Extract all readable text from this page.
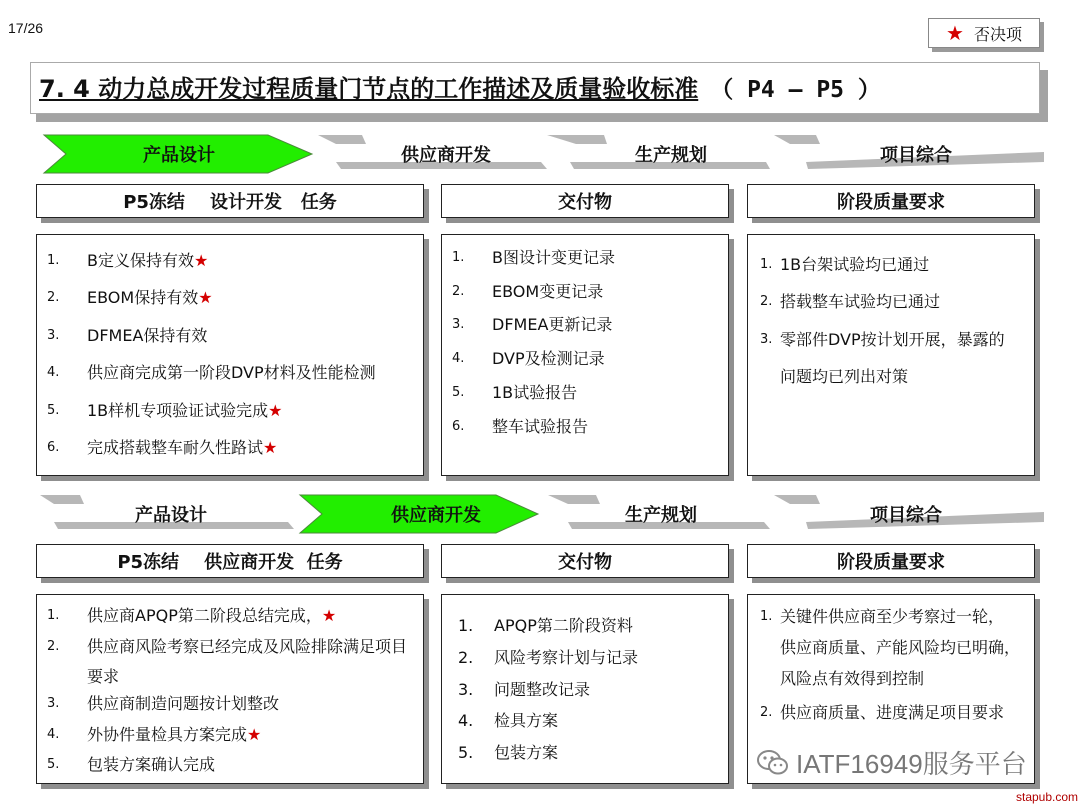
17/26	★ 否决项
7. 4 动力总成开发过程质量门节点的工作描述及质量验收标准 （ P4 – P5 ）
产品设计	供应商开发	生产规划	项目综合
P5冻结    设计开发   任务	交付物	阶段质量要求
1.	B定义保持有效★
2.	EBOM保持有效★
3.	DFMEA保持有效
4.	供应商完成第一阶段DVP材料及性能检测
5.	1B样机专项验证试验完成★
6.	完成搭载整车耐久性路试★
1.	B图设计变更记录
2.	EBOM变更记录
3.	DFMEA更新记录
4.	DVP及检测记录
5.	1B试验报告
6.	整车试验报告
1. 1B台架试验均已通过
2. 搭载整车试验均已通过
3. 零部件DVP按计划开展，暴露的
问题均已列出对策
产品设计	供应商开发	生产规划	项目综合
P5冻结    供应商开发  任务	交付物	阶段质量要求
1.	供应商APQP第二阶段总结完成，★
2.	供应商风险考察已经完成及风险排除满足项目
要求
3.	供应商制造问题按计划整改
4.	外协件量检具方案完成★
5.	包装方案确认完成
1.	APQP第二阶段资料
2.	风险考察计划与记录
3.	问题整改记录
4.	检具方案
5.	包装方案
1. 关键件供应商至少考察过一轮，
供应商质量、产能风险均已明确，
风险点有效得到控制
2. 供应商质量、进度满足项目要求
IATF16949服务平台
stapub.com
